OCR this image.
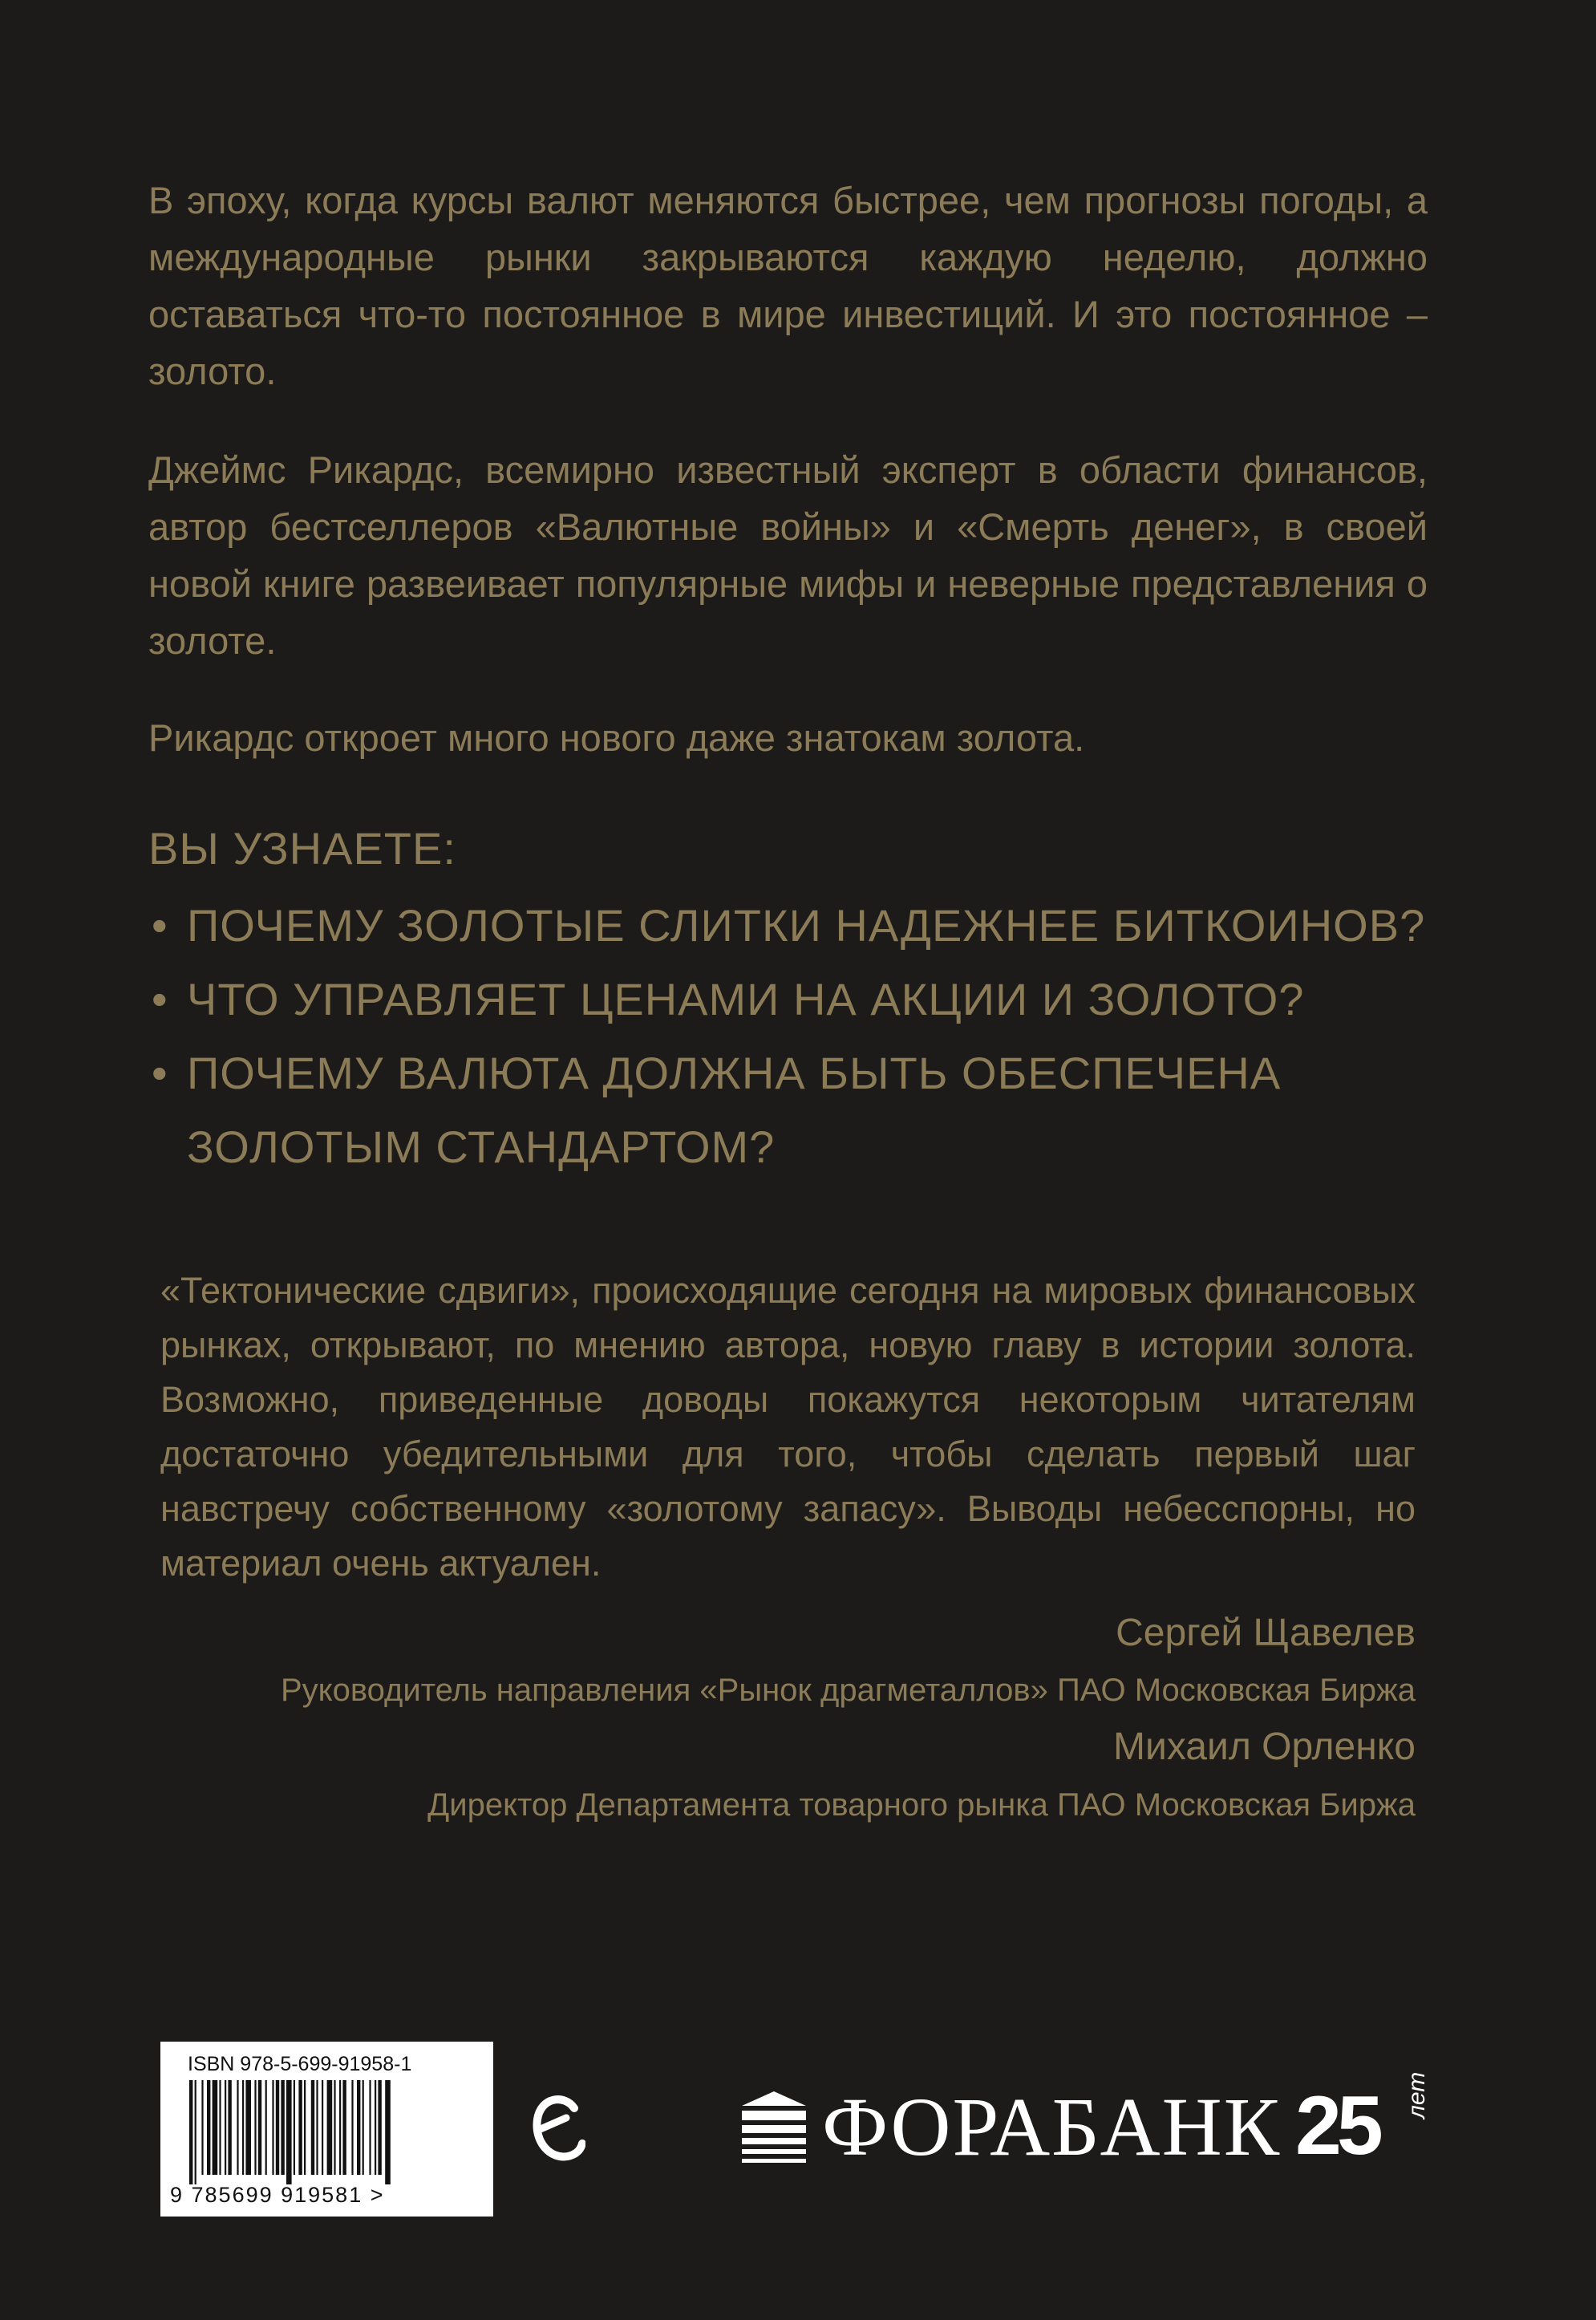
В эпоху, когда курсы валют меняются быстрее, чем прогнозы погоды, а международные рынки закрываются каждую неделю, должно оставаться что-то постоянное в мире инвестиций. И это постоянное – золото.

Джеймс Рикардс, всемирно известный эксперт в области финансов, автор бестселлеров «Валютные войны» и «Смерть денег», в своей новой книге развеивает популярные мифы и неверные представления о золоте.

Рикардс откроет много нового даже знатокам золота.

ВЫ УЗНАЕТЕ:

• ПОЧЕМУ ЗОЛОТЫЕ СЛИТКИ НАДЕЖНЕЕ БИТКОИНОВ?
• ЧТО УПРАВЛЯЕТ ЦЕНАМИ НА АКЦИИ И ЗОЛОТО?
• ПОЧЕМУ ВАЛЮТА ДОЛЖНА БЫТЬ ОБЕСПЕЧЕНА ЗОЛОТЫМ СТАНДАРТОМ?

«Тектонические сдвиги», происходящие сегодня на мировых финансовых рынках, открывают, по мнению автора, новую главу в истории золота. Возможно, приведенные доводы покажутся некоторым читателям достаточно убедительными для того, чтобы сделать первый шаг навстречу собственному «золотому запасу». Выводы небесспорны, но материал очень актуален.

Сергей Щавелев

Руководитель направления «Рынок драгметаллов» ПАО Московская Биржа

Михаил Орленко

Директор Департамента товарного рынка ПАО Московская Биржа

ISBN 978-5-699-91958-1
9 785699 919581 >
ФОРАБАНК 25 лет
